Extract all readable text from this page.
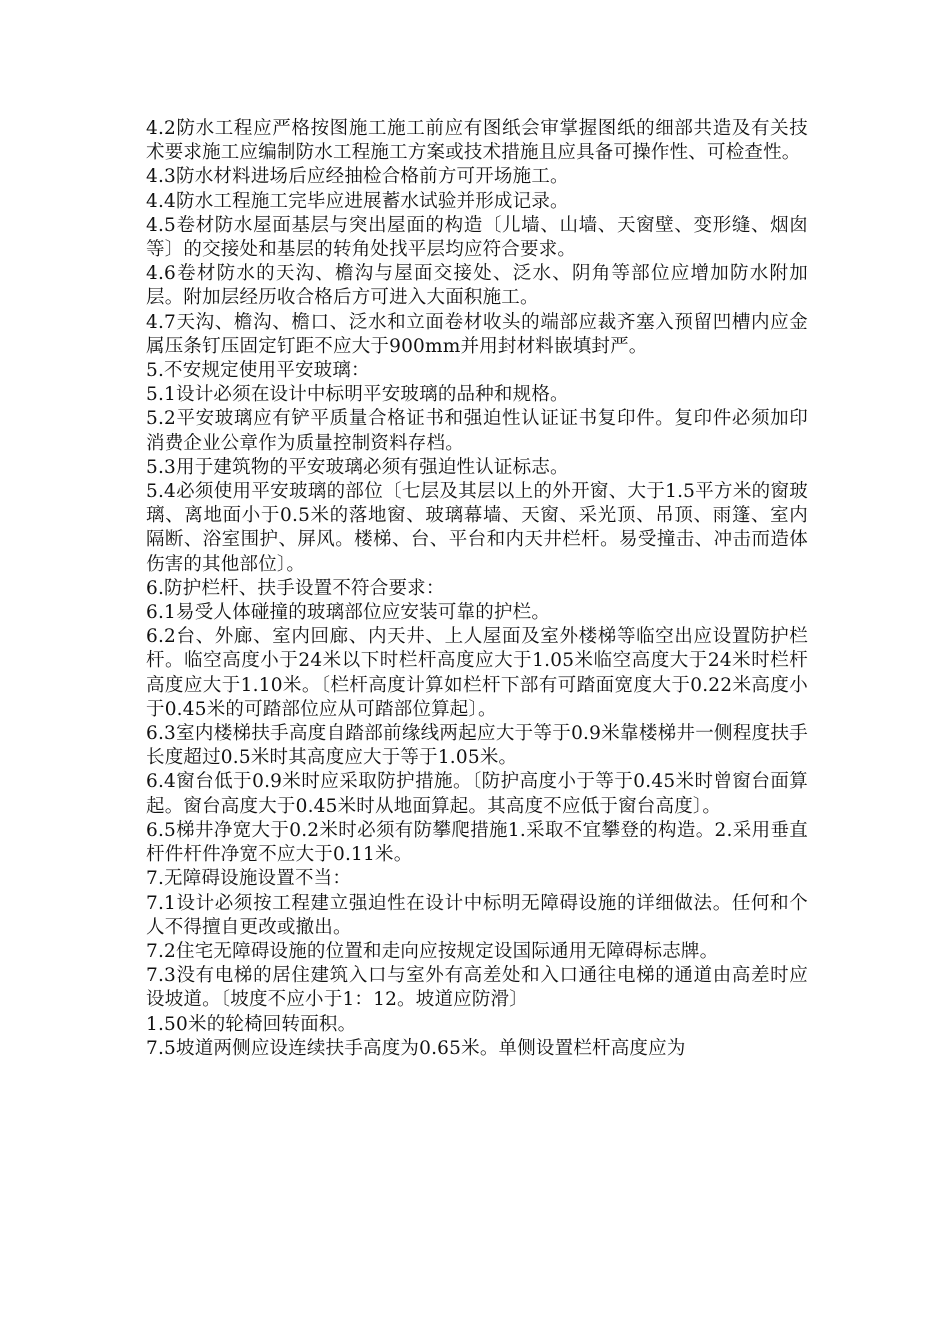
4.2防水工程应严格按图施工施工前应有图纸会审掌握图纸的细部共造及有关技术要求施工应编制防水工程施工方案或技术措施且应具备可操作性、可检查性。

4.3防水材料进场后应经抽检合格前方可开场施工。

4.4防水工程施工完毕应进展蓄水试验并形成记录。

4.5卷材防水屋面基层与突出屋面的构造〔儿墙、山墙、天窗壁、变形缝、烟囱等〕的交接处和基层的转角处找平层均应符合要求。

4.6卷材防水的天沟、檐沟与屋面交接处、泛水、阴角等部位应增加防水附加层。附加层经历收合格后方可进入大面积施工。

4.7天沟、檐沟、檐口、泛水和立面卷材收头的端部应裁齐塞入预留凹槽内应金属压条钉压固定钉距不应大于900mm并用封材料嵌填封严。

5.不安规定使用平安玻璃：

5.1设计必须在设计中标明平安玻璃的品种和规格。

5.2平安玻璃应有铲平质量合格证书和强迫性认证证书复印件。复印件必须加印消费企业公章作为质量控制资料存档。

5.3用于建筑物的平安玻璃必须有强迫性认证标志。

5.4必须使用平安玻璃的部位〔七层及其层以上的外开窗、大于1.5平方米的窗玻璃、离地面小于0.5米的落地窗、玻璃幕墙、天窗、采光顶、吊顶、雨篷、室内隔断、浴室围护、屏风。楼梯、台、平台和内天井栏杆。易受撞击、冲击而造体伤害的其他部位〕。

6.防护栏杆、扶手设置不符合要求：

6.1易受人体碰撞的玻璃部位应安装可靠的护栏。

6.2台、外廊、室内回廊、内天井、上人屋面及室外楼梯等临空出应设置防护栏杆。临空高度小于24米以下时栏杆高度应大于1.05米临空高度大于24米时栏杆高度应大于1.10米。〔栏杆高度计算如栏杆下部有可踏面宽度大于0.22米高度小于0.45米的可踏部位应从可踏部位算起〕。

6.3室内楼梯扶手高度自踏部前缘线两起应大于等于0.9米靠楼梯井一侧程度扶手长度超过0.5米时其高度应大于等于1.05米。

6.4窗台低于0.9米时应采取防护措施。〔防护高度小于等于0.45米时曾窗台面算起。窗台高度大于0.45米时从地面算起。其高度不应低于窗台高度〕。

6.5梯井净宽大于0.2米时必须有防攀爬措施1.采取不宜攀登的构造。2.采用垂直杆件杆件净宽不应大于0.11米。

7.无障碍设施设置不当：

7.1设计必须按工程建立强迫性在设计中标明无障碍设施的详细做法。任何和个人不得擅自更改或撤出。

7.2住宅无障碍设施的位置和走向应按规定设国际通用无障碍标志牌。

7.3没有电梯的居住建筑入口与室外有高差处和入口通往电梯的通道由高差时应设坡道。〔坡度不应小于1：12。坡道应防滑〕

1.50米的轮椅回转面积。

7.5坡道两侧应设连续扶手高度为0.65米。单侧设置栏杆高度应为
